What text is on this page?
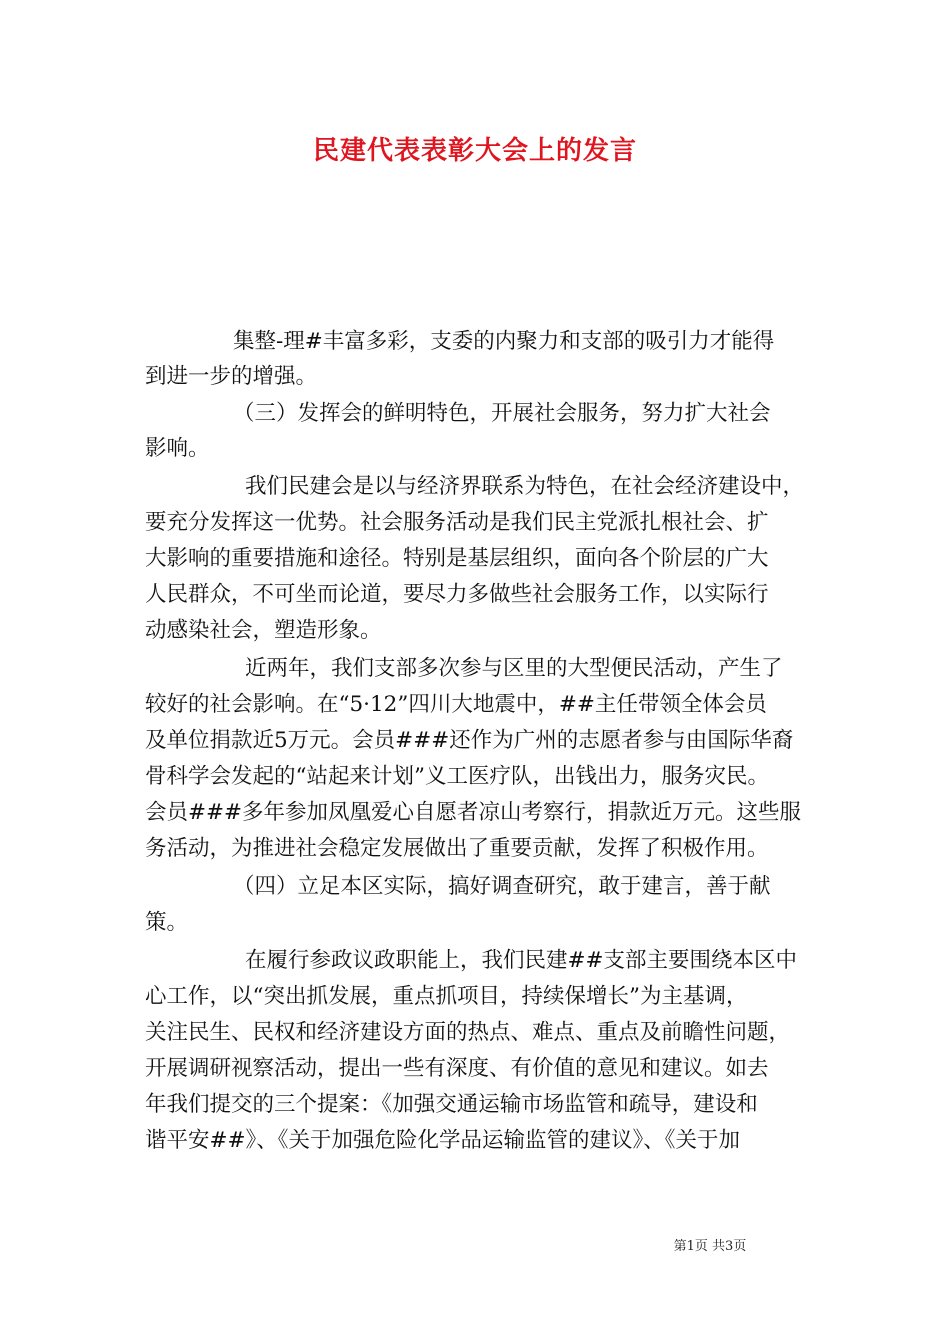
民建代表表彰大会上的发言
集整-理#丰富多彩，支委的内聚力和支部的吸引力才能得
到进一步的增强。
（三）发挥会的鲜明特色，开展社会服务，努力扩大社会
影响。
我们民建会是以与经济界联系为特色，在社会经济建设中，
要充分发挥这一优势。社会服务活动是我们民主党派扎根社会、扩
大影响的重要措施和途径。特别是基层组织，面向各个阶层的广大
人民群众，不可坐而论道，要尽力多做些社会服务工作，以实际行
动感染社会，塑造形象。
近两年，我们支部多次参与区里的大型便民活动，产生了
较好的社会影响。在“5·12”四川大地震中，##主任带领全体会员
及单位捐款近5万元。会员###还作为广州的志愿者参与由国际华裔
骨科学会发起的“站起来计划”义工医疗队，出钱出力，服务灾民。
会员###多年参加凤凰爱心自愿者凉山考察行，捐款近万元。这些服
务活动，为推进社会稳定发展做出了重要贡献，发挥了积极作用。
（四）立足本区实际，搞好调查研究，敢于建言，善于献
策。
在履行参政议政职能上，我们民建##支部主要围绕本区中
心工作，以“突出抓发展，重点抓项目，持续保增长”为主基调，
关注民生、民权和经济建设方面的热点、难点、重点及前瞻性问题，
开展调研视察活动，提出一些有深度、有价值的意见和建议。如去
年我们提交的三个提案：《加强交通运输市场监管和疏导，建设和
谐平安##》、《关于加强危险化学品运输监管的建议》、《关于加
第1页 共3页
